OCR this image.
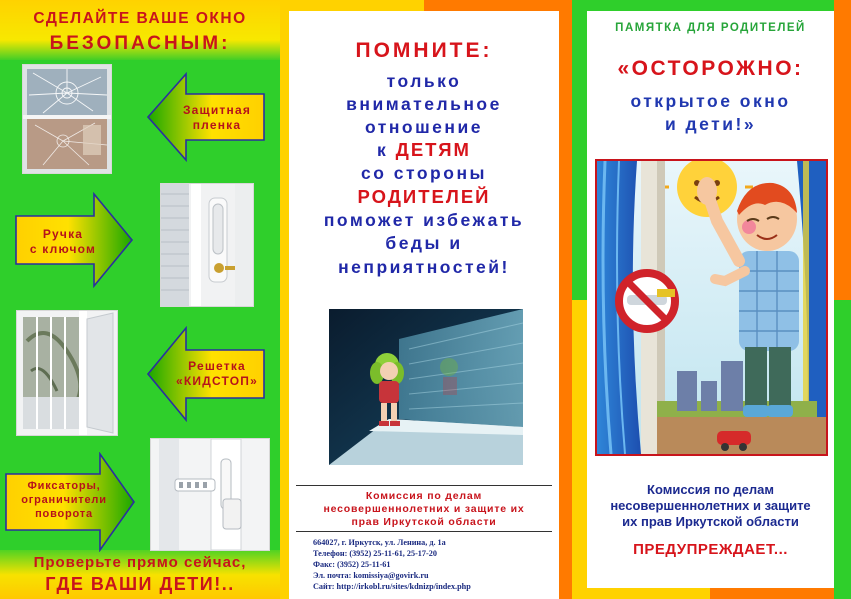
СДЕЛАЙТЕ ВАШЕ ОКНО
БЕЗОПАСНЫМ:
Защитная
пленка
Ручка
с ключом
Решетка
«КИДСТОП»
Фиксаторы,
ограничители
поворота
Проверьте прямо сейчас,
ГДЕ ВАШИ ДЕТИ!..
ПОМНИТЕ:
только
внимательное
отношение
к ДЕТЯМ
со стороны
РОДИТЕЛЕЙ
поможет избежать
беды и
неприятностей!
Комиссия по делам
несовершеннолетних и защите их
прав Иркутской области
664027, г. Иркутск, ул. Ленина, д. 1а
Телефон: (3952) 25-11-61, 25-17-20
Факс: (3952) 25-11-61
Эл. почта: komissiya@govirk.ru
Сайт: http://irkobl.ru/sites/kdnizp/index.php
ПАМЯТКА ДЛЯ РОДИТЕЛЕЙ
«ОСТОРОЖНО:
открытое окно
и дети!»
Комиссия по делам
несовершеннолетних и защите
их прав Иркутской области
ПРЕДУПРЕЖДАЕТ...
